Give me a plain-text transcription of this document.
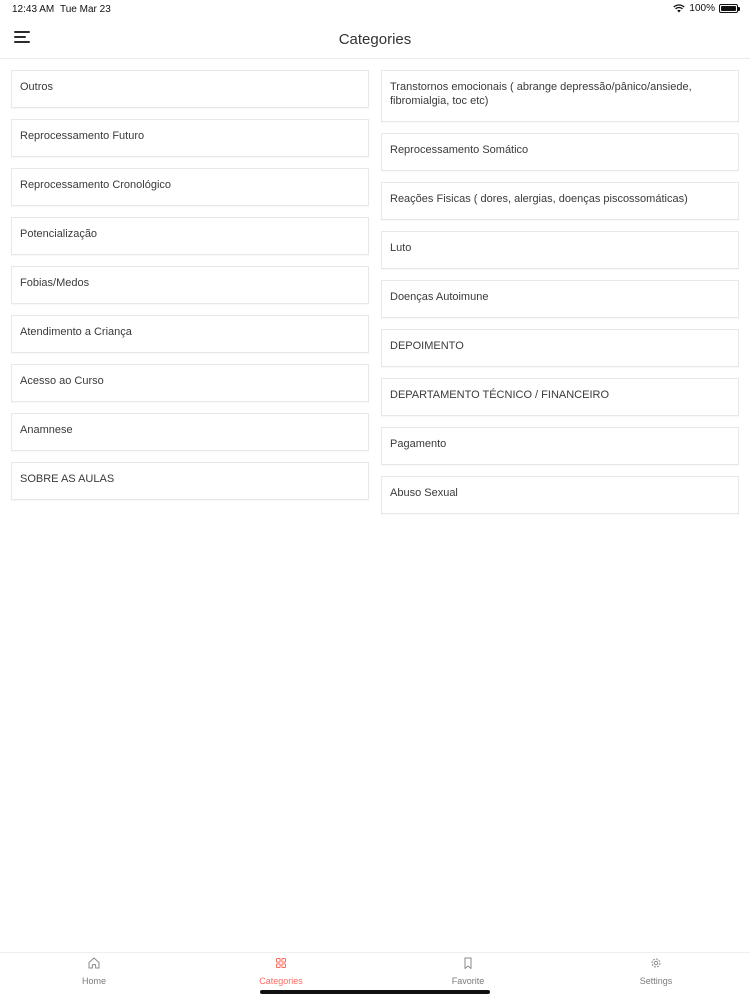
12:43 AM Tue Mar 23	100%
Categories
Outros
Reprocessamento Futuro
Reprocessamento Cronológico
Potencialização
Fobias/Medos
Atendimento a Criança
Acesso ao Curso
Anamnese
SOBRE AS AULAS
Transtornos emocionais ( abrange depressão/pânico/ansiede, fibromialgia, toc etc)
Reprocessamento Somático
Reações Fisicas ( dores, alergias, doenças piscossomáticas)
Luto
Doenças Autoimune
DEPOIMENTO
DEPARTAMENTO TÉCNICO / FINANCEIRO
Pagamento
Abuso Sexual
Home	Categories	Favorite	Settings
